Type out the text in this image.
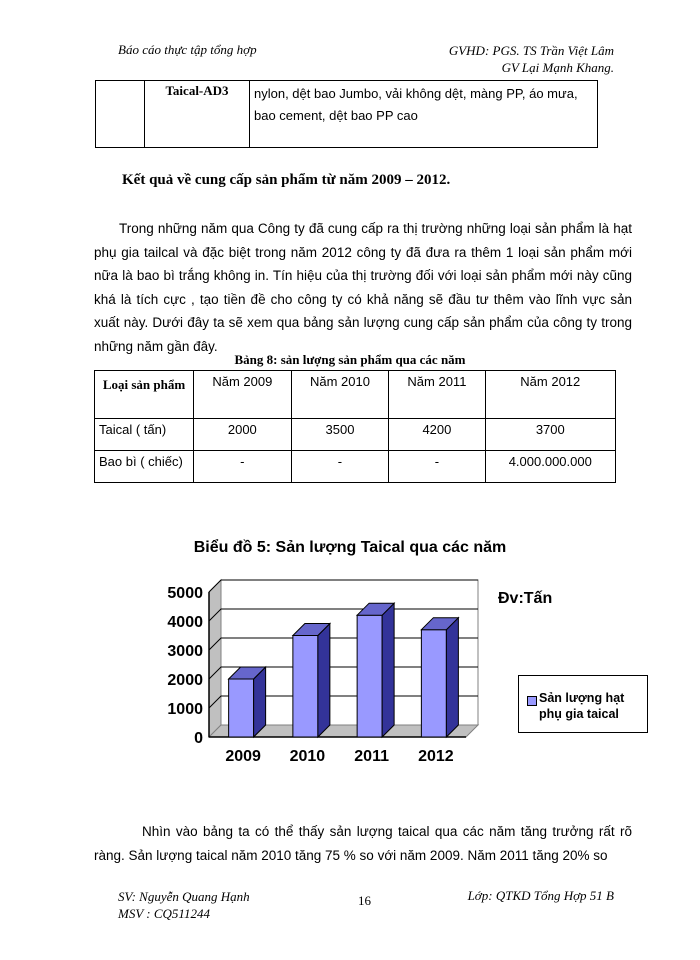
Báo cáo thực tập tổng hợp	GVHD: PGS. TS Trần Việt Lâm
GV Lại Mạnh Khang.
	Taical-AD3	nylon, dệt bao Jumbo, vải không dệt, màng PP, áo mưa, bao cement, dệt bao PP cao
Kết quả về cung cấp sản phẩm từ năm 2009 – 2012.
Trong những năm qua Công ty đã cung cấp ra thị trường những loại sản phẩm là hạt phụ gia tailcal và đặc biệt trong năm 2012 công ty đã đưa ra thêm 1 loại sản phẩm mới nữa là bao bì trắng không in. Tín hiệu của thị trường đối với loại sản phẩm mới này cũng khá là tích cực , tạo tiền đề cho công ty có khả năng sẽ đầu tư thêm vào lĩnh vực sản xuất này. Dưới đây ta sẽ xem qua bảng sản lượng cung cấp sản phẩm của công ty trong những năm gần đây.
Bảng 8: sản lượng sản phẩm qua các năm
Loại sản phẩm	Năm 2009	Năm 2010	Năm 2011	Năm 2012
Taical ( tấn)	2000	3500	4200	3700
Bao bì ( chiếc)	-	-	-	4.000.000.000
Biểu đồ 5: Sản lượng Taical qua các năm
0
1000
2000
3000
4000
5000
2009 2010 2011 2012
Đv:Tấn
Sản lượng hạt phụ gia taical
Nhìn vào bảng ta có thể thấy sản lượng taical qua các năm tăng trưởng rất rõ ràng. Sản lượng taical năm 2010 tăng 75 % so với năm 2009. Năm 2011 tăng 20% so
SV: Nguyễn Quang Hạnh
MSV : CQ511244
16	Lớp: QTKD Tổng Hợp 51 B
